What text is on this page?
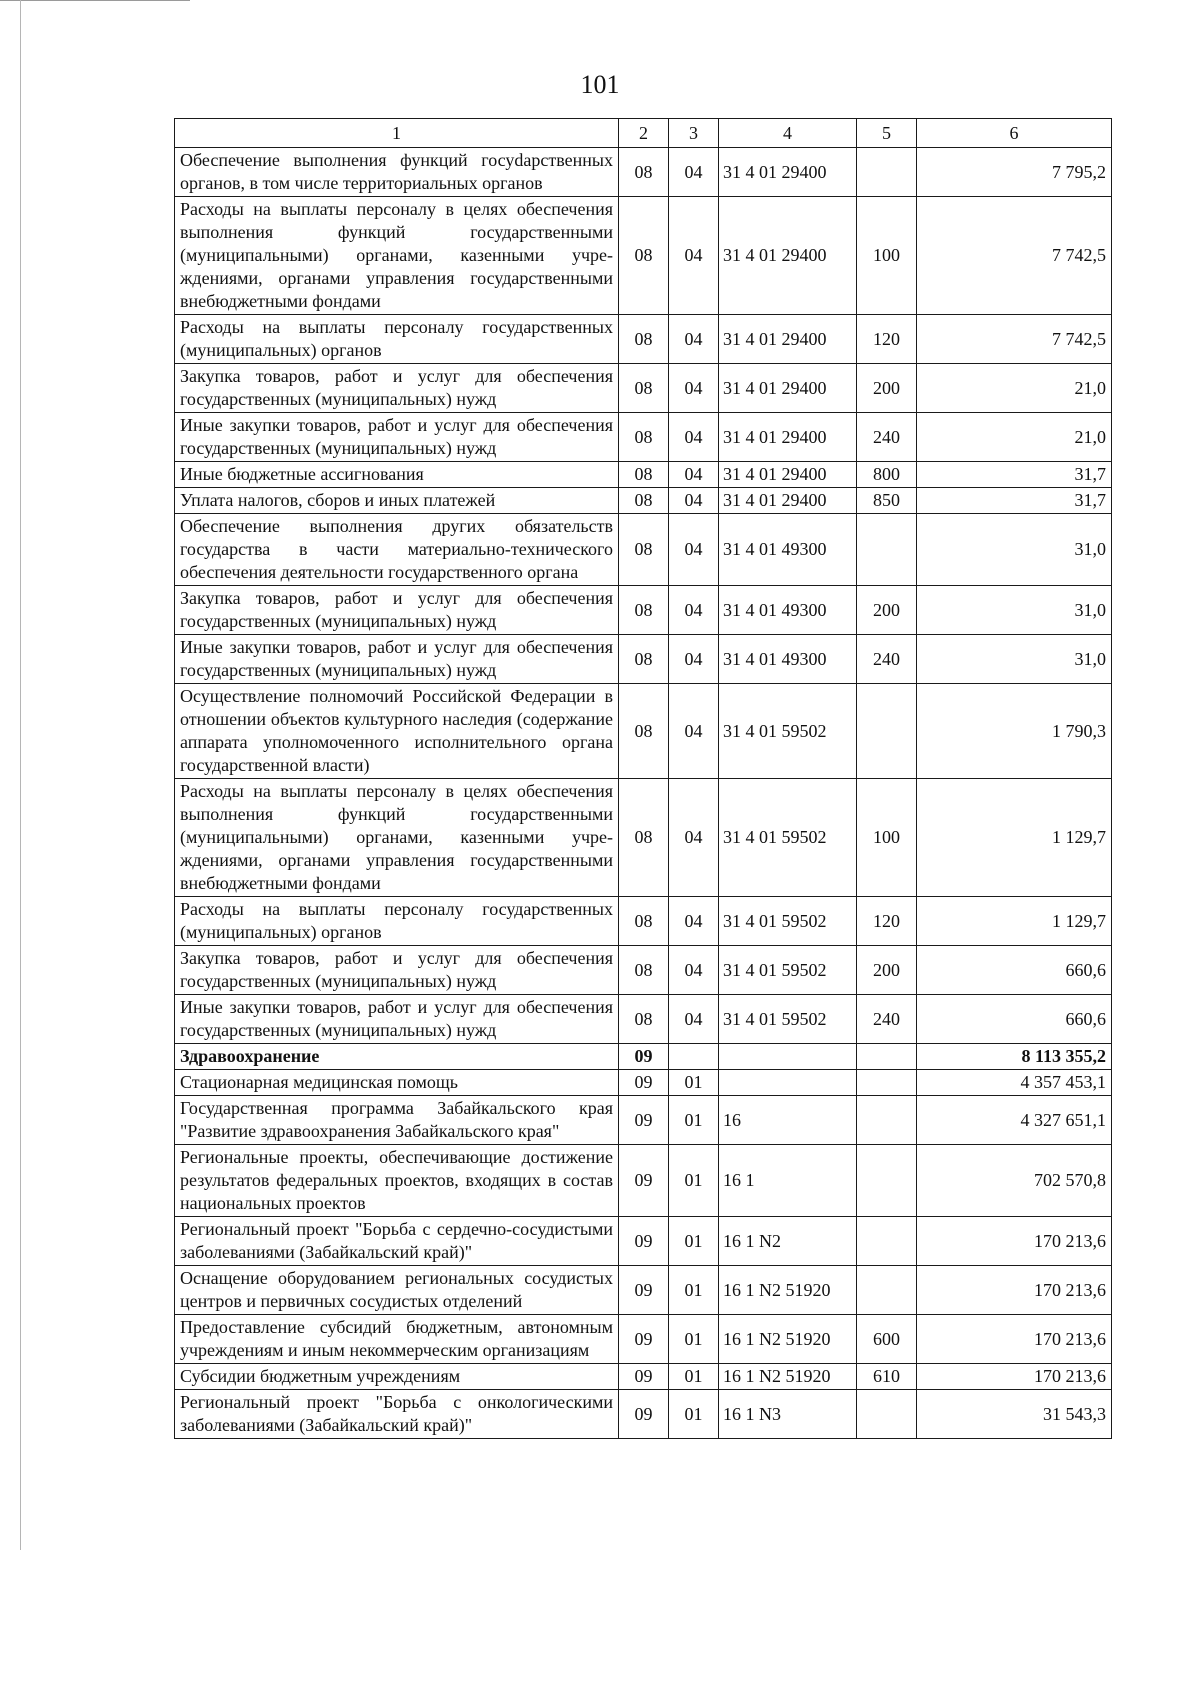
101
1	2	3	4	5	6
Обеспечение выполнения функций госуdарственных органов, в том числе территориальных органов	08	04	31 4 01 29400		7 795,2
Расходы на выплаты персоналу в целях обеспечения выполнения функций государственными (муниципальными) органами, казенными учреждениями, органами управления государственными внебюджетными фондами	08	04	31 4 01 29400	100	7 742,5
Расходы на выплаты персоналу государственных (муниципальных) органов	08	04	31 4 01 29400	120	7 742,5
Закупка товаров, работ и услуг для обеспечения государственных (муниципальных) нужд	08	04	31 4 01 29400	200	21,0
Иные закупки товаров, работ и услуг для обеспечения государственных (муниципальных) нужд	08	04	31 4 01 29400	240	21,0
Иные бюджетные ассигнования	08	04	31 4 01 29400	800	31,7
Уплата налогов, сборов и иных платежей	08	04	31 4 01 29400	850	31,7
Обеспечение выполнения других обязательств государства в части материально-технического обеспечения деятельности государственного органа	08	04	31 4 01 49300		31,0
Закупка товаров, работ и услуг для обеспечения государственных (муниципальных) нужд	08	04	31 4 01 49300	200	31,0
Иные закупки товаров, работ и услуг для обеспечения государственных (муниципальных) нужд	08	04	31 4 01 49300	240	31,0
Осуществление полномочий Российской Федерации в отношении объектов культурного наследия (содержание аппарата уполномоченного исполнительного органа государственной власти)	08	04	31 4 01 59502		1 790,3
Расходы на выплаты персоналу в целях обеспечения выполнения функций государственными (муниципальными) органами, казенными учреждениями, органами управления государственными внебюджетными фондами	08	04	31 4 01 59502	100	1 129,7
Расходы на выплаты персоналу государственных (муниципальных) органов	08	04	31 4 01 59502	120	1 129,7
Закупка товаров, работ и услуг для обеспечения государственных (муниципальных) нужд	08	04	31 4 01 59502	200	660,6
Иные закупки товаров, работ и услуг для обеспечения государственных (муниципальных) нужд	08	04	31 4 01 59502	240	660,6
Здравоохранение	09				8 113 355,2
Стационарная медицинская помощь	09	01			4 357 453,1
Государственная программа Забайкальского края "Развитие здравоохранения Забайкальского края"	09	01	16		4 327 651,1
Региональные проекты, обеспечивающие достижение результатов федеральных проектов, входящих в состав национальных проектов	09	01	16 1		702 570,8
Региональный проект "Борьба с сердечно-сосудистыми заболеваниями (Забайкальский край)"	09	01	16 1 N2		170 213,6
Оснащение оборудованием региональных сосудистых центров и первичных сосудистых отделений	09	01	16 1 N2 51920		170 213,6
Предоставление субсидий бюджетным, автономным учреждениям и иным некоммерческим организациям	09	01	16 1 N2 51920	600	170 213,6
Субсидии бюджетным учреждениям	09	01	16 1 N2 51920	610	170 213,6
Региональный проект "Борьба с онкологическими заболеваниями (Забайкальский край)"	09	01	16 1 N3		31 543,3
